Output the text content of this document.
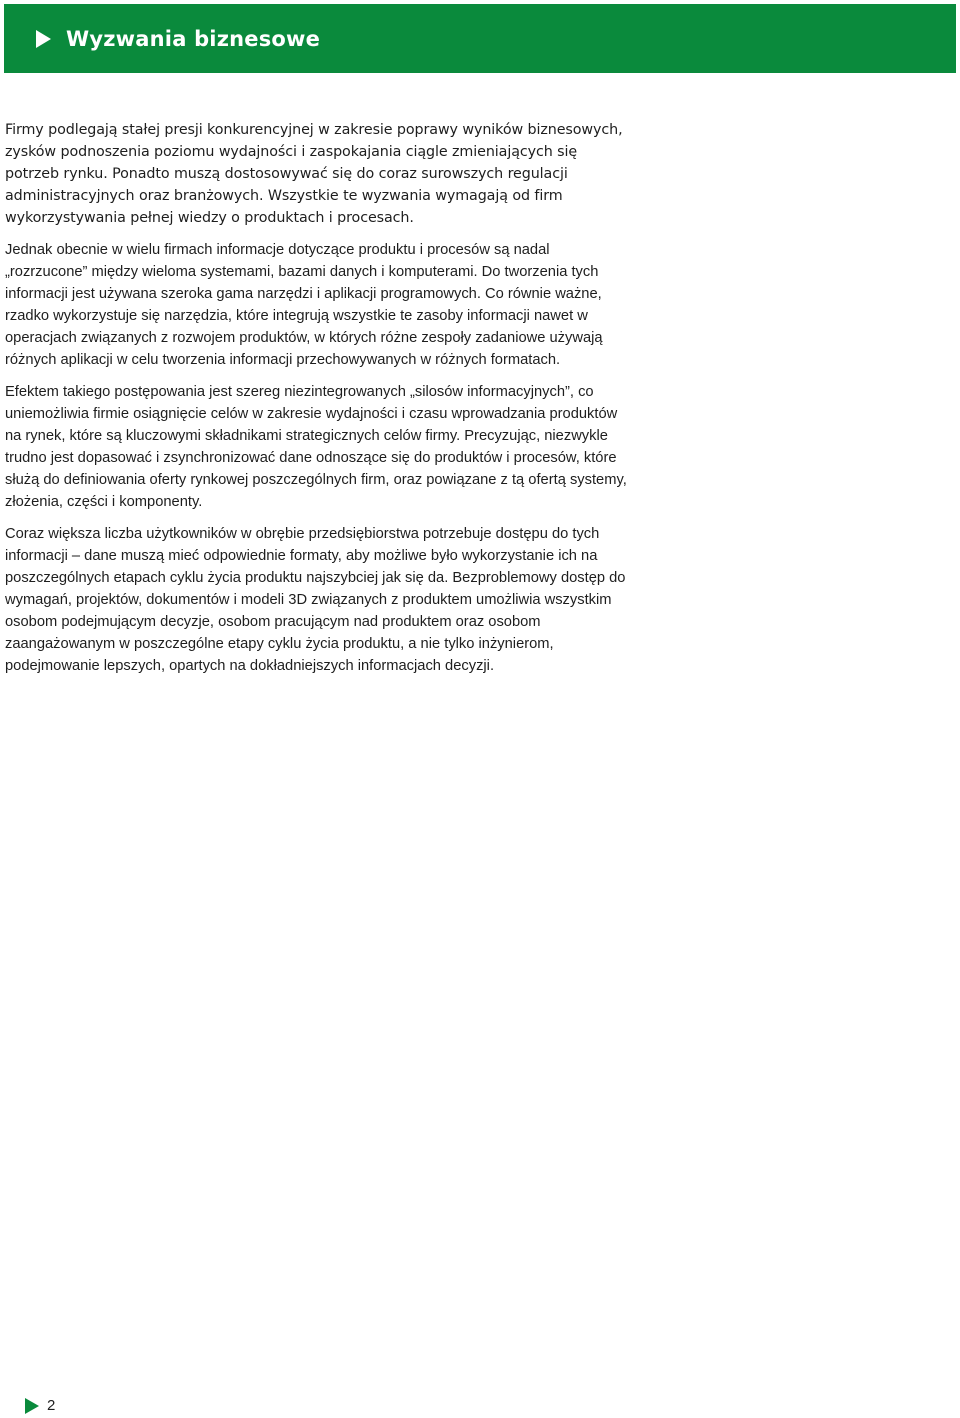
Wyzwania biznesowe

Firmy podlegają stałej presji konkurencyjnej w zakresie poprawy wyników biznesowych, zysków podnoszenia poziomu wydajności i zaspokajania ciągle zmieniających się potrzeb rynku. Ponadto muszą dostosowywać się do coraz surowszych regulacji administracyjnych oraz branżowych. Wszystkie te wyzwania wymagają od firm wykorzystywania pełnej wiedzy o produktach i procesach.

Jednak obecnie w wielu firmach informacje dotyczące produktu i procesów są nadal „rozrzucone” między wieloma systemami, bazami danych i komputerami. Do tworzenia tych informacji jest używana szeroka gama narzędzi i aplikacji programowych. Co równie ważne, rzadko wykorzystuje się narzędzia, które integrują wszystkie te zasoby informacji nawet w operacjach związanych z rozwojem produktów, w których różne zespoły zadaniowe używają różnych aplikacji w celu tworzenia informacji przechowywanych w różnych formatach.

Efektem takiego postępowania jest szereg niezintegrowanych „silosów informacyjnych”, co uniemożliwia firmie osiągnięcie celów w zakresie wydajności i czasu wprowadzania produktów na rynek, które są kluczowymi składnikami strategicznych celów firmy. Precyzując, niezwykle trudno jest dopasować i zsynchronizować dane odnoszące się do produktów i procesów, które służą do definiowania oferty rynkowej poszczególnych firm, oraz powiązane z tą ofertą systemy, złożenia, części i komponenty.

Coraz większa liczba użytkowników w obrębie przedsiębiorstwa potrzebuje dostępu do tych informacji – dane muszą mieć odpowiednie formaty, aby możliwe było wykorzystanie ich na poszczególnych etapach cyklu życia produktu najszybciej jak się da. Bezproblemowy dostęp do wymagań, projektów, dokumentów i modeli 3D związanych z produktem umożliwia wszystkim osobom podejmującym decyzje, osobom pracującym nad produktem oraz osobom zaangażowanym w poszczególne etapy cyklu życia produktu, a nie tylko inżynierom, podejmowanie lepszych, opartych na dokładniejszych informacjach decyzji.

2
